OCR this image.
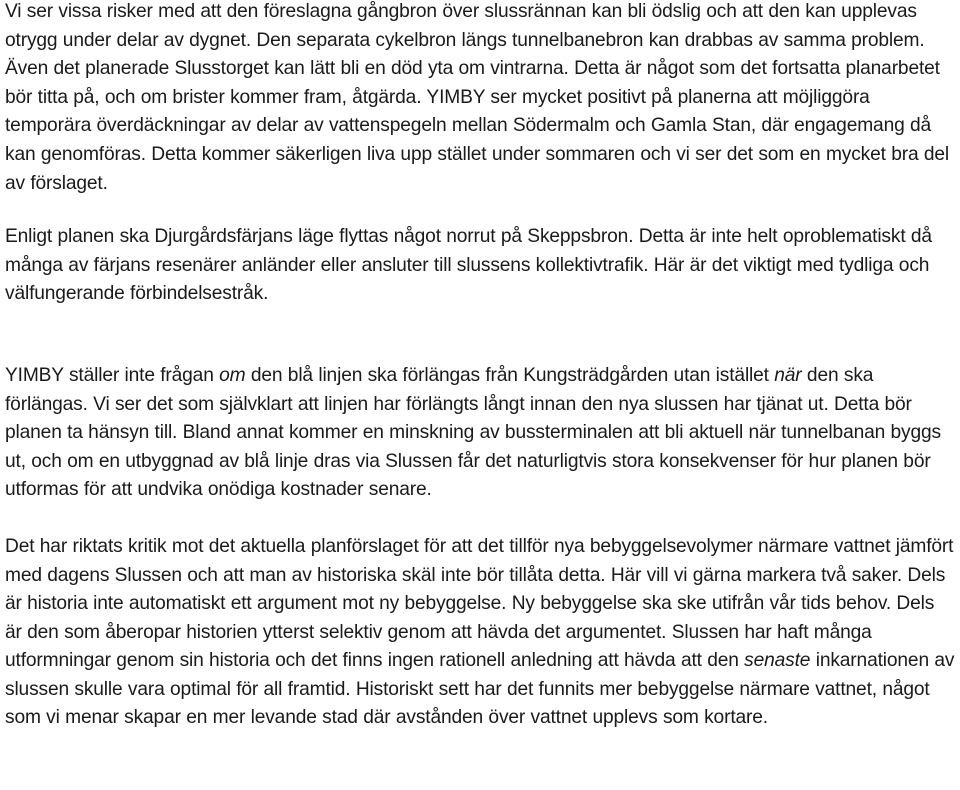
Vi ser vissa risker med att den föreslagna gångbron över slussrännan kan bli ödslig och att den kan upplevas otrygg under delar av dygnet. Den separata cykelbron längs tunnelbanebron kan drabbas av samma problem. Även det planerade Slusstorget kan lätt bli en död yta om vintrarna. Detta är något som det fortsatta planarbetet bör titta på, och om brister kommer fram, åtgärda. YIMBY ser mycket positivt på planerna att möjliggöra temporära överdäckningar av delar av vattenspegeln mellan Södermalm och Gamla Stan, där engagemang då kan genomföras. Detta kommer säkerligen liva upp stället under sommaren och vi ser det som en mycket bra del av förslaget.

Enligt planen ska Djurgårdsfärjans läge flyttas något norrut på Skeppsbron. Detta är inte helt oproblematiskt då många av färjans resenärer anländer eller ansluter till slussens kollektivtrafik. Här är det viktigt med tydliga och välfungerande förbindelsestråk.

YIMBY ställer inte frågan om den blå linjen ska förlängas från Kungsträdgården utan istället när den ska förlängas. Vi ser det som självklart att linjen har förlängts långt innan den nya slussen har tjänat ut. Detta bör planen ta hänsyn till. Bland annat kommer en minskning av bussterminalen att bli aktuell när tunnelbanan byggs ut, och om en utbyggnad av blå linje dras via Slussen får det naturligtvis stora konsekvenser för hur planen bör utformas för att undvika onödiga kostnader senare.

Det har riktats kritik mot det aktuella planförslaget för att det tillför nya bebyggelsevolymer närmare vattnet jämfört med dagens Slussen och att man av historiska skäl inte bör tillåta detta. Här vill vi gärna markera två saker. Dels är historia inte automatiskt ett argument mot ny bebyggelse. Ny bebyggelse ska ske utifrån vår tids behov. Dels är den som åberopar historien ytterst selektiv genom att hävda det argumentet. Slussen har haft många utformningar genom sin historia och det finns ingen rationell anledning att hävda att den senaste inkarnationen av slussen skulle vara optimal för all framtid. Historiskt sett har det funnits mer bebyggelse närmare vattnet, något som vi menar skapar en mer levande stad där avstånden över vattnet upplevs som kortare.
